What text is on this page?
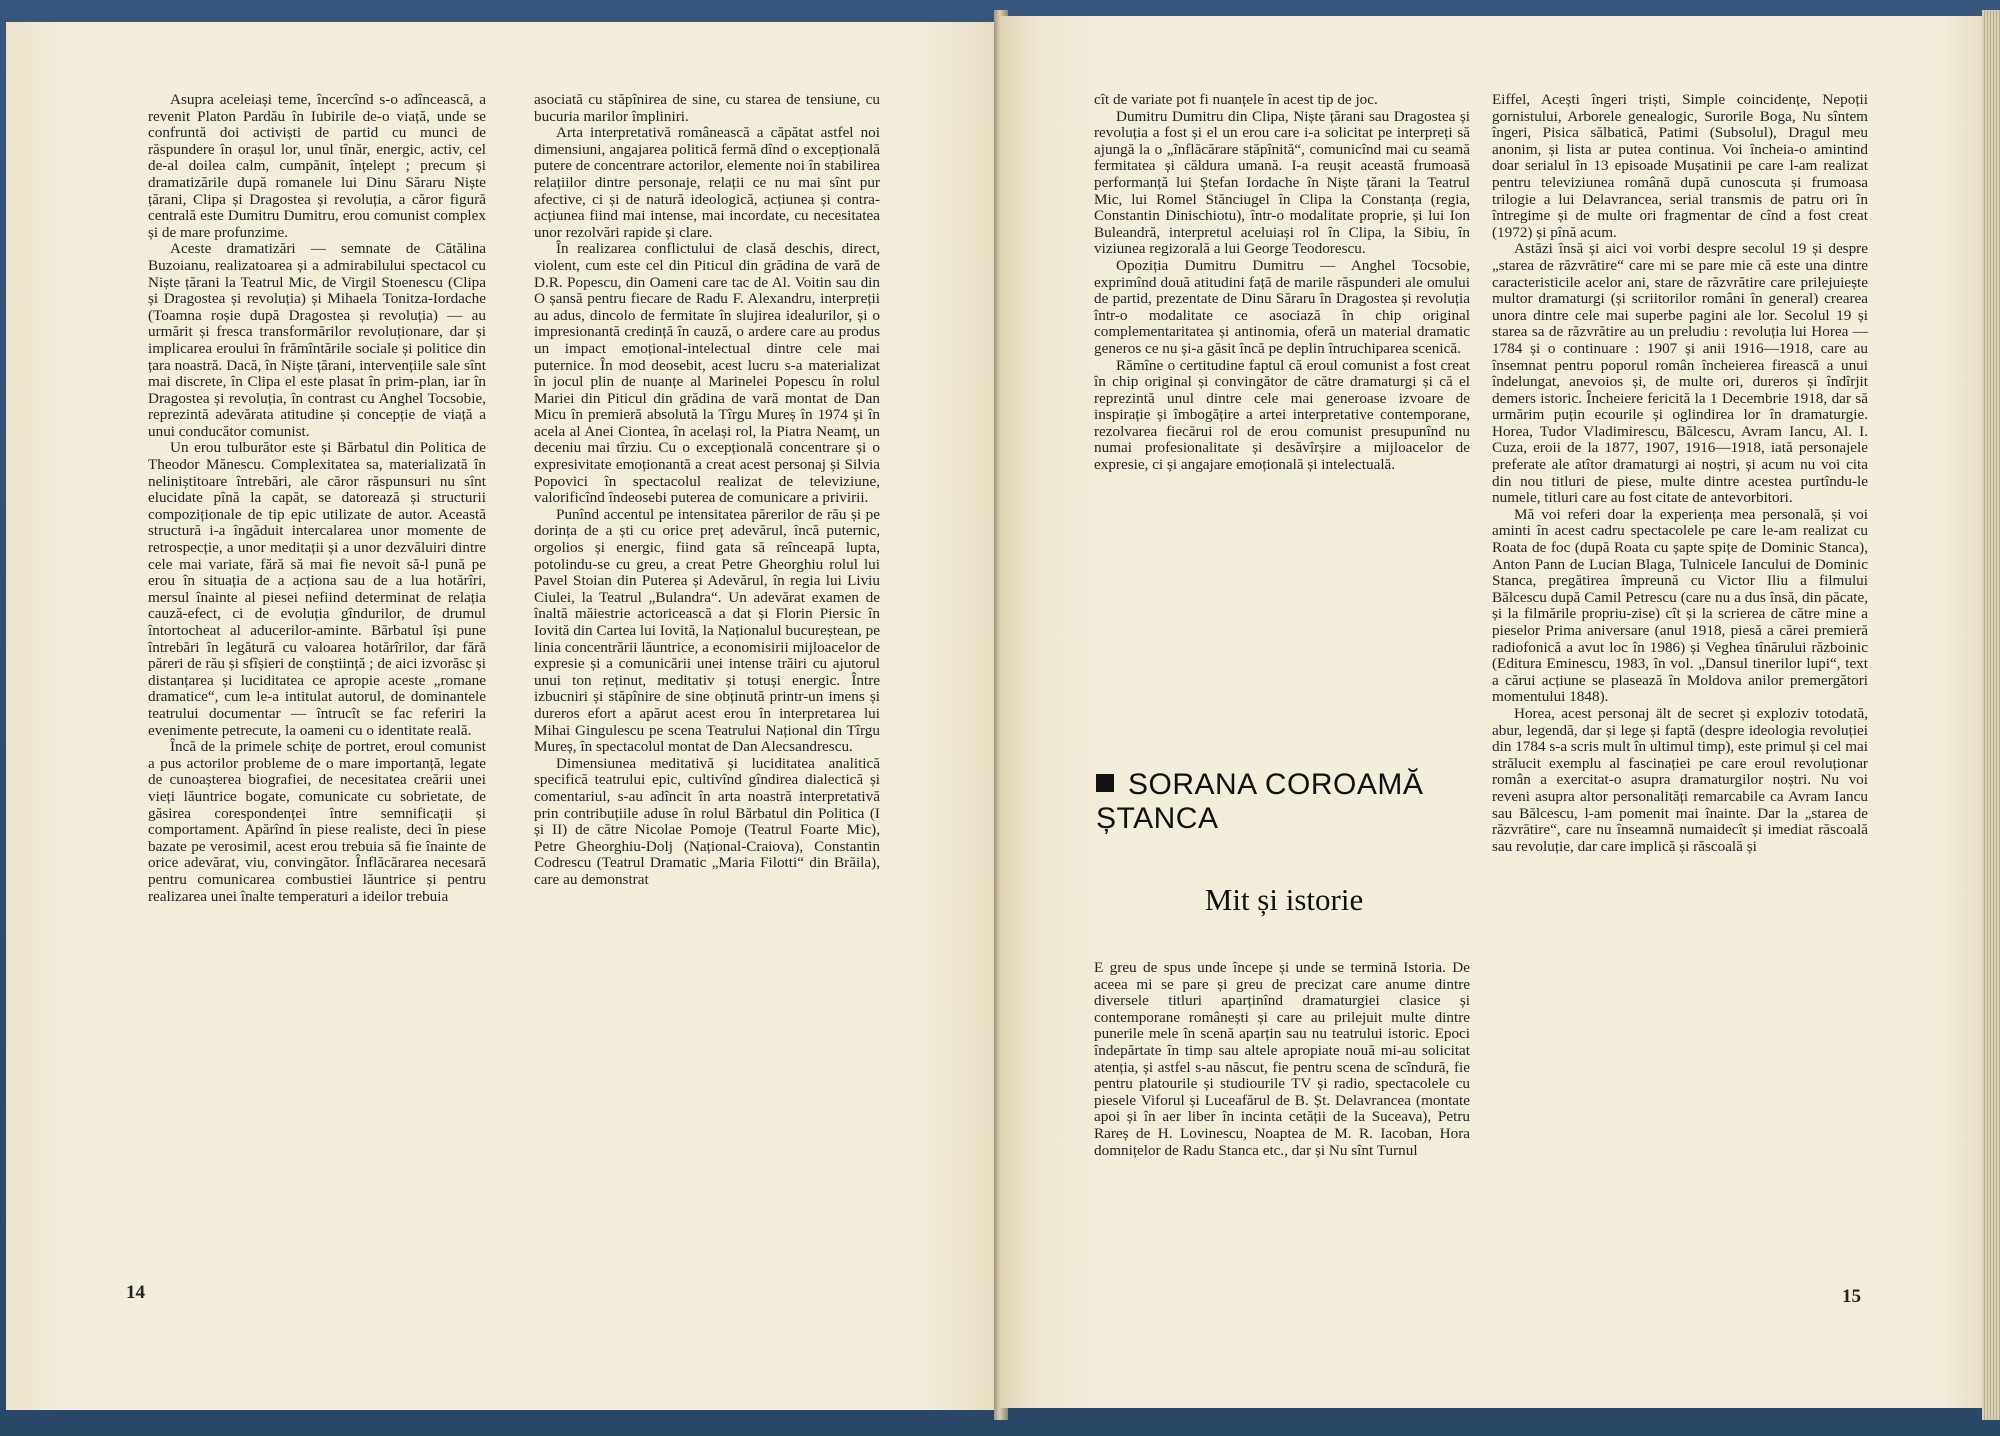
Asupra aceleiași teme, încercînd s-o adîncească, a revenit Platon Pardău în Iubirile de-o viață, unde se confruntă doi activiști de partid cu munci de răspundere în orașul lor, unul tînăr, energic, activ, cel de-al doilea calm, cumpănit, înțelept ; precum și dramatizările după romanele lui Dinu Săraru Niște țărani, Clipa și Dragostea și revoluția, a căror figură centrală este Dumitru Dumitru, erou comunist complex și de mare profunzime.

Aceste dramatizări — semnate de Cătălina Buzoianu, realizatoarea și a admirabilului spectacol cu Niște țărani la Teatrul Mic, de Virgil Stoenescu (Clipa și Dragostea și revoluția) și Mihaela Tonitza-Iordache (Toamna roșie după Dragostea și revoluția) — au urmărit și fresca transformărilor revoluționare, dar și implicarea eroului în frămîntările sociale și politice din țara noastră. Dacă, în Niște țărani, intervențiile sale sînt mai discrete, în Clipa el este plasat în prim-plan, iar în Dragostea și revoluția, în contrast cu Anghel Tocsobie, reprezintă adevărata atitudine și concepție de viață a unui conducător comunist.

Un erou tulburător este și Bărbatul din Politica de Theodor Mănescu. Complexitatea sa, materializată în neliniștitoare întrebări, ale căror răspunsuri nu sînt elucidate pînă la capăt, se datorează și structurii compoziționale de tip epic utilizate de autor. Această structură i-a îngăduit intercalarea unor momente de retrospecție, a unor meditații și a unor dezvăluiri dintre cele mai variate, fără să mai fie nevoit să-l pună pe erou în situația de a acționa sau de a lua hotărîri, mersul înainte al piesei nefiind determinat de relația cauză-efect, ci de evoluția gîndurilor, de drumul întortocheat al aducerilor-aminte. Bărbatul își pune întrebări în legătură cu valoarea hotărîrilor, dar fără păreri de rău și sfîșieri de conștiință ; de aici izvorăsc și distanțarea și luciditatea ce apropie aceste „romane dramatice“, cum le-a intitulat autorul, de dominantele teatrului documentar — întrucît se fac referiri la evenimente petrecute, la oameni cu o identitate reală.

Încă de la primele schițe de portret, eroul comunist a pus actorilor probleme de o mare importanță, legate de cunoașterea biografiei, de necesitatea creării unei vieți lăuntrice bogate, comunicate cu sobrietate, de găsirea corespondenței între semnificații și comportament. Apărînd în piese realiste, deci în piese bazate pe verosimil, acest erou trebuia să fie înainte de orice adevărat, viu, convingător. Înflăcărarea necesară pentru comunicarea combustiei lăuntrice și pentru realizarea unei înalte temperaturi a ideilor trebuia

asociată cu stăpînirea de sine, cu starea de tensiune, cu bucuria marilor împliniri.

Arta interpretativă românească a căpătat astfel noi dimensiuni, angajarea politică fermă dînd o excepțională putere de concentrare actorilor, elemente noi în stabilirea relațiilor dintre personaje, relații ce nu mai sînt pur afective, ci și de natură ideologică, acțiunea și contra-acțiunea fiind mai intense, mai incordate, cu necesitatea unor rezolvări rapide și clare.

În realizarea conflictului de clasă deschis, direct, violent, cum este cel din Piticul din grădina de vară de D.R. Popescu, din Oameni care tac de Al. Voitin sau din O șansă pentru fiecare de Radu F. Alexandru, interpreții au adus, dincolo de fermitate în slujirea idealurilor, și o impresionantă credință în cauză, o ardere care au produs un impact emoțional-intelectual dintre cele mai puternice. În mod deosebit, acest lucru s-a materializat în jocul plin de nuanțe al Marinelei Popescu în rolul Mariei din Piticul din grădina de vară montat de Dan Micu în premieră absolută la Tîrgu Mureș în 1974 și în acela al Anei Ciontea, în același rol, la Piatra Neamț, un deceniu mai tîrziu. Cu o excepțională concentrare și o expresivitate emoționantă a creat acest personaj și Silvia Popovici în spectacolul realizat de televiziune, valorificînd îndeosebi puterea de comunicare a privirii.

Punînd accentul pe intensitatea părerilor de rău și pe dorința de a ști cu orice preț adevărul, încă puternic, orgolios și energic, fiind gata să reînceapă lupta, potolindu-se cu greu, a creat Petre Gheorghiu rolul lui Pavel Stoian din Puterea și Adevărul, în regia lui Liviu Ciulei, la Teatrul „Bulandra“. Un adevărat examen de înaltă măiestrie actoricească a dat și Florin Piersic în Iovită din Cartea lui Iovită, la Naționalul bucureștean, pe linia concentrării lăuntrice, a economisirii mijloacelor de expresie și a comunicării unei intense trăiri cu ajutorul unui ton reținut, meditativ și totuși energic. Între izbucniri și stăpînire de sine obținută printr-un imens și dureros efort a apărut acest erou în interpretarea lui Mihai Gingulescu pe scena Teatrului Național din Tîrgu Mureș, în spectacolul montat de Dan Alecsandrescu.

Dimensiunea meditativă și luciditatea analitică specifică teatrului epic, cultivînd gîndirea dialectică și comentariul, s-au adîncit în arta noastră interpretativă prin contribuțiile aduse în rolul Bărbatul din Politica (I și II) de către Nicolae Pomoje (Teatrul Foarte Mic), Petre Gheorghiu-Dolj (Național-Craiova), Constantin Codrescu (Teatrul Dramatic „Maria Filotti“ din Brăila), care au demonstrat

14

cît de variate pot fi nuanțele în acest tip de joc.

Dumitru Dumitru din Clipa, Niște țărani sau Dragostea și revoluția a fost și el un erou care i-a solicitat pe interpreți să ajungă la o „înflăcărare stăpînită“, comunicînd mai cu seamă fermitatea și căldura umană. I-a reușit această frumoasă performanță lui Ștefan Iordache în Niște țărani la Teatrul Mic, lui Romel Stănciugel în Clipa la Constanța (regia, Constantin Dinischiotu), într-o modalitate proprie, și lui Ion Buleandră, interpretul aceluiași rol în Clipa, la Sibiu, în viziunea regizorală a lui George Teodorescu.

Opoziția Dumitru Dumitru — Anghel Tocsobie, exprimînd două atitudini față de marile răspunderi ale omului de partid, prezentate de Dinu Săraru în Dragostea și revoluția într-o modalitate ce asociază în chip original complementaritatea și antinomia, oferă un material dramatic generos ce nu și-a găsit încă pe deplin întruchiparea scenică.

Rămîne o certitudine faptul că eroul comunist a fost creat în chip original și convingător de către dramaturgi și că el reprezintă unul dintre cele mai generoase izvoare de inspirație și îmbogățire a artei interpretative contemporane, rezolvarea fiecărui rol de erou comunist presupunînd nu numai profesionalitate și desăvîrșire a mijloacelor de expresie, ci și angajare emoțională și intelectuală.

SORANA COROAMĂ ȘTANCA
Mit și istorie

E greu de spus unde începe și unde se termină Istoria. De aceea mi se pare și greu de precizat care anume dintre diversele titluri aparținînd dramaturgiei clasice și contemporane românești și care au prilejuit multe dintre punerile mele în scenă aparțin sau nu teatrului istoric. Epoci îndepărtate în timp sau altele apropiate nouă mi-au solicitat atenția, și astfel s-au născut, fie pentru scena de scîndură, fie pentru platourile și studiourile TV și radio, spectacolele cu piesele Viforul și Luceafărul de B. Șt. Delavrancea (montate apoi și în aer liber în incinta cetății de la Suceava), Petru Rareș de H. Lovinescu, Noaptea de M. R. Iacoban, Hora domnițelor de Radu Stanca etc., dar și Nu sînt Turnul

Eiffel, Acești îngeri triști, Simple coincidențe, Nepoții gornistului, Arborele genealogic, Surorile Boga, Nu sîntem îngeri, Pisica sălbatică, Patimi (Subsolul), Dragul meu anonim, și lista ar putea continua. Voi încheia-o amintind doar serialul în 13 episoade Mușatinii pe care l-am realizat pentru televiziunea română după cunoscuta și frumoasa trilogie a lui Delavrancea, serial transmis de patru ori în întregime și de multe ori fragmentar de cînd a fost creat (1972) și pînă acum.

Astăzi însă și aici voi vorbi despre secolul 19 și despre „starea de răzvrătire“ care mi se pare mie că este una dintre caracteristicile acelor ani, stare de răzvrătire care prilejuiește multor dramaturgi (și scriitorilor români în general) crearea unora dintre cele mai superbe pagini ale lor. Secolul 19 și starea sa de răzvrătire au un preludiu : revoluția lui Horea — 1784 și o continuare : 1907 și anii 1916—1918, care au însemnat pentru poporul român încheierea firească a unui îndelungat, anevoios și, de multe ori, dureros și îndîrjit demers istoric. Încheiere fericită la 1 Decembrie 1918, dar să urmărim puțin ecourile și oglindirea lor în dramaturgie. Horea, Tudor Vladimirescu, Bălcescu, Avram Iancu, Al. I. Cuza, eroii de la 1877, 1907, 1916—1918, iată personajele preferate ale atîtor dramaturgi ai noștri, și acum nu voi cita din nou titluri de piese, multe dintre acestea purtîndu-le numele, titluri care au fost citate de antevorbitori.

Mă voi referi doar la experiența mea personală, și voi aminti în acest cadru spectacolele pe care le-am realizat cu Roata de foc (după Roata cu șapte spițe de Dominic Stanca), Anton Pann de Lucian Blaga, Tulnicele Iancului de Dominic Stanca, pregătirea împreună cu Victor Iliu a filmului Bălcescu după Camil Petrescu (care nu a dus însă, din păcate, și la filmările propriu-zise) cît și la scrierea de către mine a pieselor Prima aniversare (anul 1918, piesă a cărei premieră radiofonică a avut loc în 1986) și Veghea tînărului războinic (Editura Eminescu, 1983, în vol. „Dansul tinerilor lupi“, text a cărui acțiune se plasează în Moldova anilor premergători momentului 1848).

Horea, acest personaj ält de secret și exploziv totodată, abur, legendă, dar și lege și faptă (despre ideologia revoluției din 1784 s-a scris mult în ultimul timp), este primul și cel mai strălucit exemplu al fascinației pe care eroul revoluționar român a exercitat-o asupra dramaturgilor noștri. Nu voi reveni asupra altor personalități remarcabile ca Avram Iancu sau Bălcescu, l-am pomenit mai înainte. Dar la „starea de răzvrătire“, care nu înseamnă numaidecît și imediat răscoală sau revoluție, dar care implică și răscoală și

15
